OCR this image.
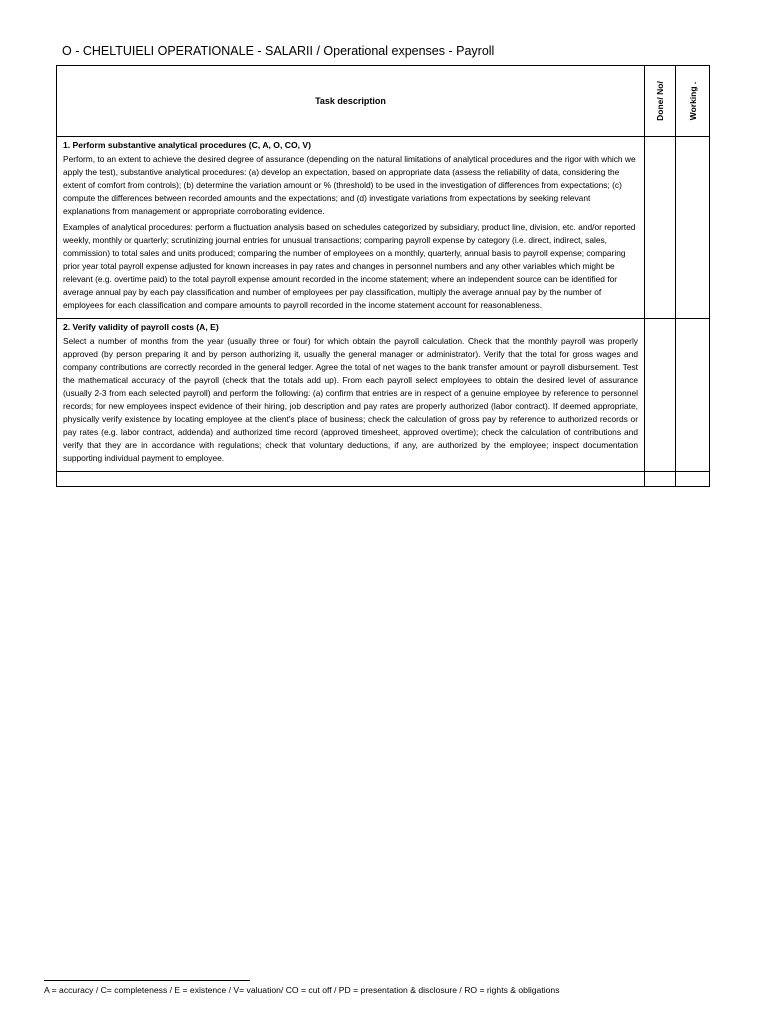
O - CHELTUIELI OPERATIONALE - SALARII / Operational expenses - Payroll
Task description	Done/ No/	Working .

1. Perform substantive analytical procedures (C, A, O, CO, V)

Perform, to an extent to achieve the desired degree of assurance (depending on the natural limitations of analytical procedures and the rigor with which we apply the test), substantive analytical procedures: (a) develop an expectation, based on appropriate data (assess the reliability of data, considering the extent of comfort from controls); (b) determine the variation amount or % (threshold) to be used in the investigation of differences from expectations; (c) compute the differences between recorded amounts and the expectations; and (d) investigate variations from expectations by seeking relevant explanations from management or appropriate corroborating evidence.

Examples of analytical procedures: perform a fluctuation analysis based on schedules categorized by subsidiary, product line, division, etc. and/or reported weekly, monthly or quarterly; scrutinizing journal entries for unusual transactions; comparing payroll expense by category (i.e. direct, indirect, sales, commission) to total sales and units produced; comparing the number of employees on a monthly, quarterly, annual basis to payroll expense; comparing prior year total payroll expense adjusted for known increases in pay rates and changes in personnel numbers and any other variables which might be relevant (e.g. overtime paid) to the total payroll expense amount recorded in the income statement; where an independent source can be identified for average annual pay by each pay classification and number of employees per pay classification, multiply the average annual pay by the number of employees for each classification and compare amounts to payroll recorded in the income statement account for reasonableness.		

2. Verify validity of payroll costs (A, E)

Select a number of months from the year (usually three or four) for which obtain the payroll calculation. Check that the monthly payroll was properly approved (by person preparing it and by person authorizing it, usually the general manager or administrator). Verify that the total for gross wages and company contributions are correctly recorded in the general ledger. Agree the total of net wages to the bank transfer amount or payroll disbursement. Test the mathematical accuracy of the payroll (check that the totals add up). From each payroll select employees to obtain the desired level of assurance (usually 2-3 from each selected payroll) and perform the following: (a) confirm that entries are in respect of a genuine employee by reference to personnel records; for new employees inspect evidence of their hiring, job description and pay rates are properly authorized (labor contract). If deemed appropriate, physically verify existence by locating employee at the client's place of business; check the calculation of gross pay by reference to authorized records or pay rates (e.g. labor contract, addenda) and authorized time record (approved timesheet, approved overtime); check the calculation of contributions and verify that they are in accordance with regulations; check that voluntary deductions, if any, are authorized by the employee; inspect documentation supporting individual payment to employee.		

A = accuracy / C= completeness / E = existence / V= valuation/ CO = cut off / PD = presentation & disclosure / RO = rights & obligations
